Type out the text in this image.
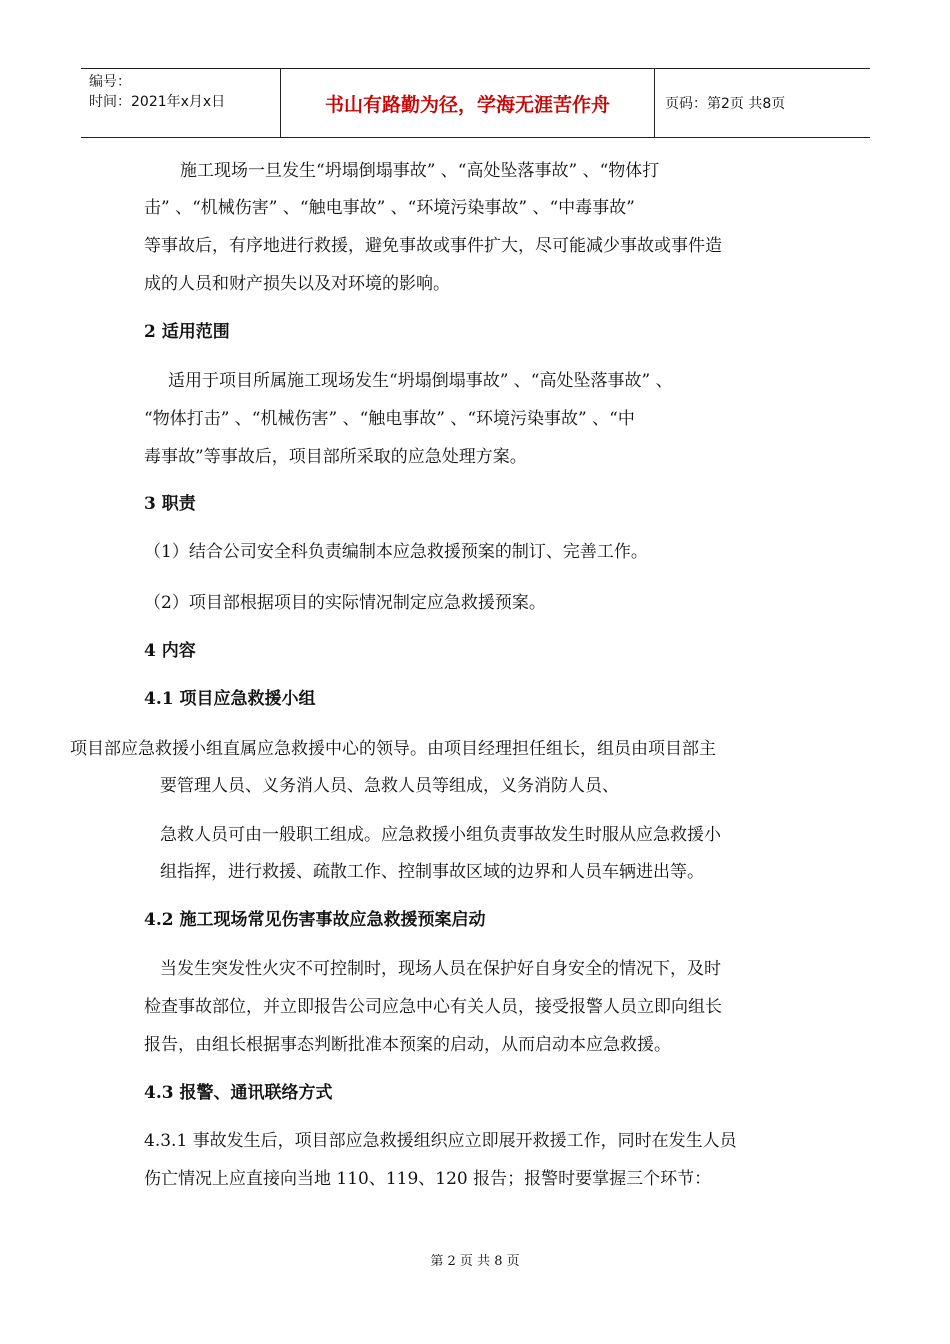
编号：
时间：2021年x月x日	书山有路勤为径，学海无涯苦作舟	页码：第2页 共8页
施工现场一旦发生“坍塌倒塌事故” 、“高处坠落事故” 、“物体打
击” 、“机械伤害” 、“触电事故” 、“环境污染事故” 、“中毒事故”
等事故后，有序地进行救援，避免事故或事件扩大，尽可能减少事故或事件造
成的人员和财产损失以及对环境的影响。
2 适用范围
适用于项目所属施工现场发生“坍塌倒塌事故” 、“高处坠落事故” 、
“物体打击” 、“机械伤害” 、“触电事故” 、“环境污染事故” 、“中
毒事故”等事故后，项目部所采取的应急处理方案。
3 职责
（1）结合公司安全科负责编制本应急救援预案的制订、完善工作。
（2）项目部根据项目的实际情况制定应急救援预案。
4 内容
4.1 项目应急救援小组
项目部应急救援小组直属应急救援中心的领导。由项目经理担任组长，组员由项目部主
要管理人员、义务消人员、急救人员等组成，义务消防人员、
急救人员可由一般职工组成。应急救援小组负责事故发生时服从应急救援小
组指挥，进行救援、疏散工作、控制事故区域的边界和人员车辆进出等。
4.2 施工现场常见伤害事故应急救援预案启动
当发生突发性火灾不可控制时，现场人员在保护好自身安全的情况下，及时
检查事故部位，并立即报告公司应急中心有关人员，接受报警人员立即向组长
报告，由组长根据事态判断批准本预案的启动，从而启动本应急救援。
4.3 报警、通讯联络方式
4.3.1 事故发生后，项目部应急救援组织应立即展开救援工作，同时在发生人员
伤亡情况上应直接向当地 110、119、120 报告；报警时要掌握三个环节：
第 2 页 共 8 页
